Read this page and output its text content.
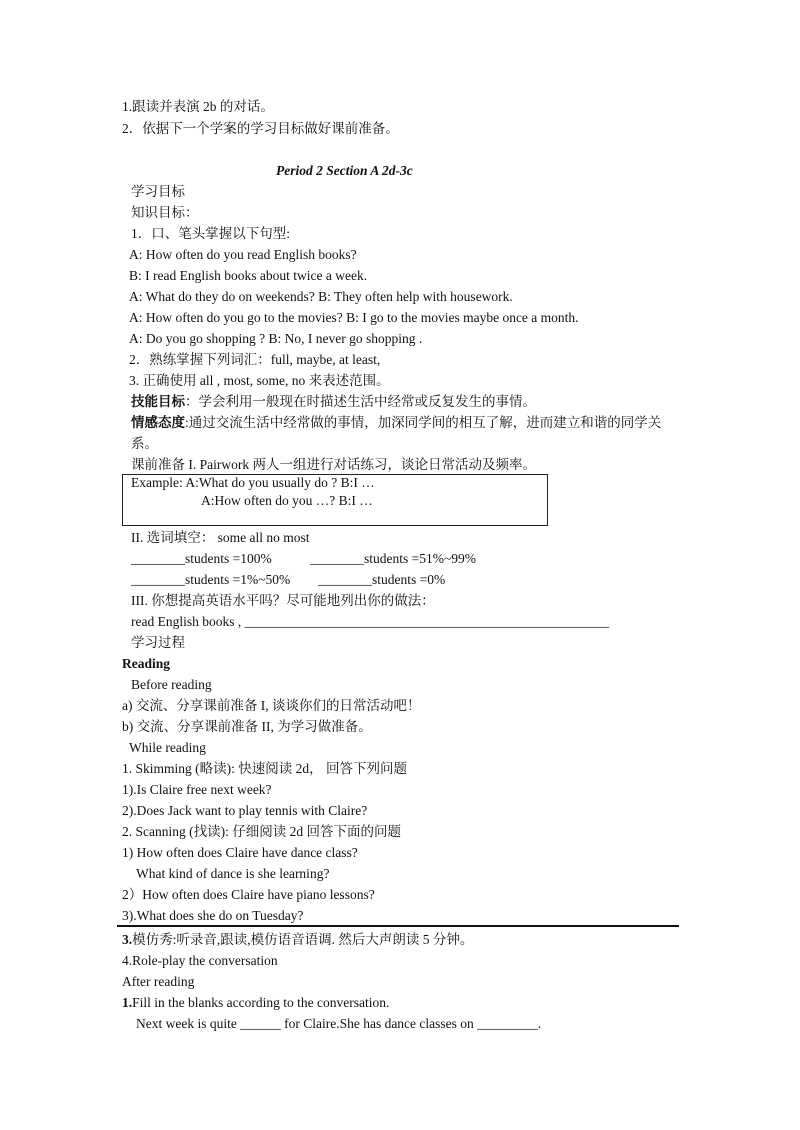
1.跟读并表演 2b 的对话。
2．依据下一个学案的学习目标做好课前准备。
Period 2 Section A 2d-3c
学习目标
知识目标：
1．口、笔头掌握以下句型:
A: How often do you read English books?
B: I read English books about twice a week.
A: What do they do on weekends? B: They often help with housework.
A: How often do you go to the movies? B: I go to the movies maybe once a month.
A: Do you go shopping ? B: No, I never go shopping .
2．熟练掌握下列词汇：full, maybe, at least,
3. 正确使用 all , most, some, no 来表述范围。
技能目标：学会利用一般现在时描述生活中经常或反复发生的事情。
情感态度:通过交流生活中经常做的事情，加深同学间的相互了解，进而建立和谐的同学关
系。
课前准备 I. Pairwork 两人一组进行对话练习，谈论日常活动及频率。
Example: A:What do you usually do ? B:I …
A:How often do you …? B:I …
II. 选词填空： some all no most
________students =100%	________students =51%~99%
________students =1%~50% ________students =0%
III. 你想提高英语水平吗？尽可能地列出你的做法：
read English books , ______________________________________________________
学习过程
Reading
Before reading
a) 交流、分享课前准备 I, 谈谈你们的日常活动吧！
b) 交流、分享课前准备 II, 为学习做准备。
While reading
1. Skimming (略读): 快速阅读 2d， 回答下列问题
1).Is Claire free next week?
2).Does Jack want to play tennis with Claire?
2. Scanning (找读): 仔细阅读 2d 回答下面的问题
1) How often does Claire have dance class?
What kind of dance is she learning?
2）How often does Claire have piano lessons?
3).What does she do on Tuesday?
3.模仿秀:听录音,跟读,模仿语音语调. 然后大声朗读 5 分钟。
4.Role-play the conversation
After reading
1.Fill in the blanks according to the conversation.
Next week is quite ______ for Claire.She has dance classes on _________.
